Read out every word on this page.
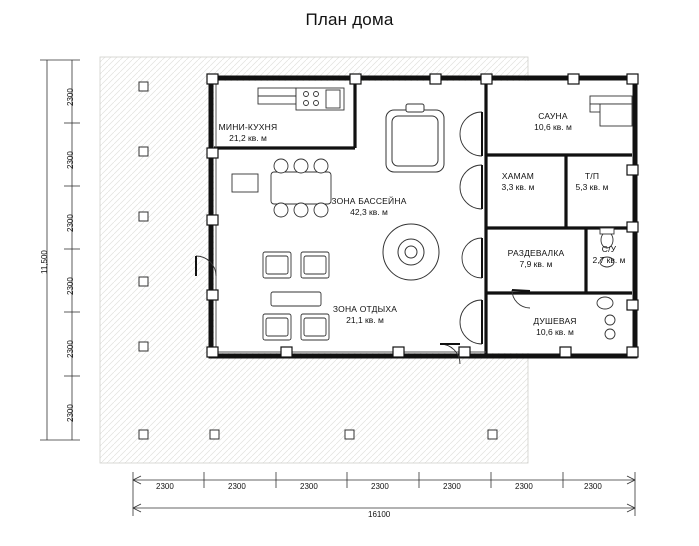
План дома
МИНИ-КУХНЯ
21,2 кв. м
ЗОНА БАССЕЙНА
42,3 кв. м
ЗОНА ОТДЫХА
21,1 кв. м
САУНА
10,6 кв. м
ХАМАМ
3,3 кв. м
Т/П
5,3 кв. м
РАЗДЕВАЛКА
7,9 кв. м
С/У
2,7 кв. м
ДУШЕВАЯ
10,6 кв. м
11,500
2300
2300
2300
2300
2300
2300
2300	2300	2300	2300	2300	2300	2300
16100
